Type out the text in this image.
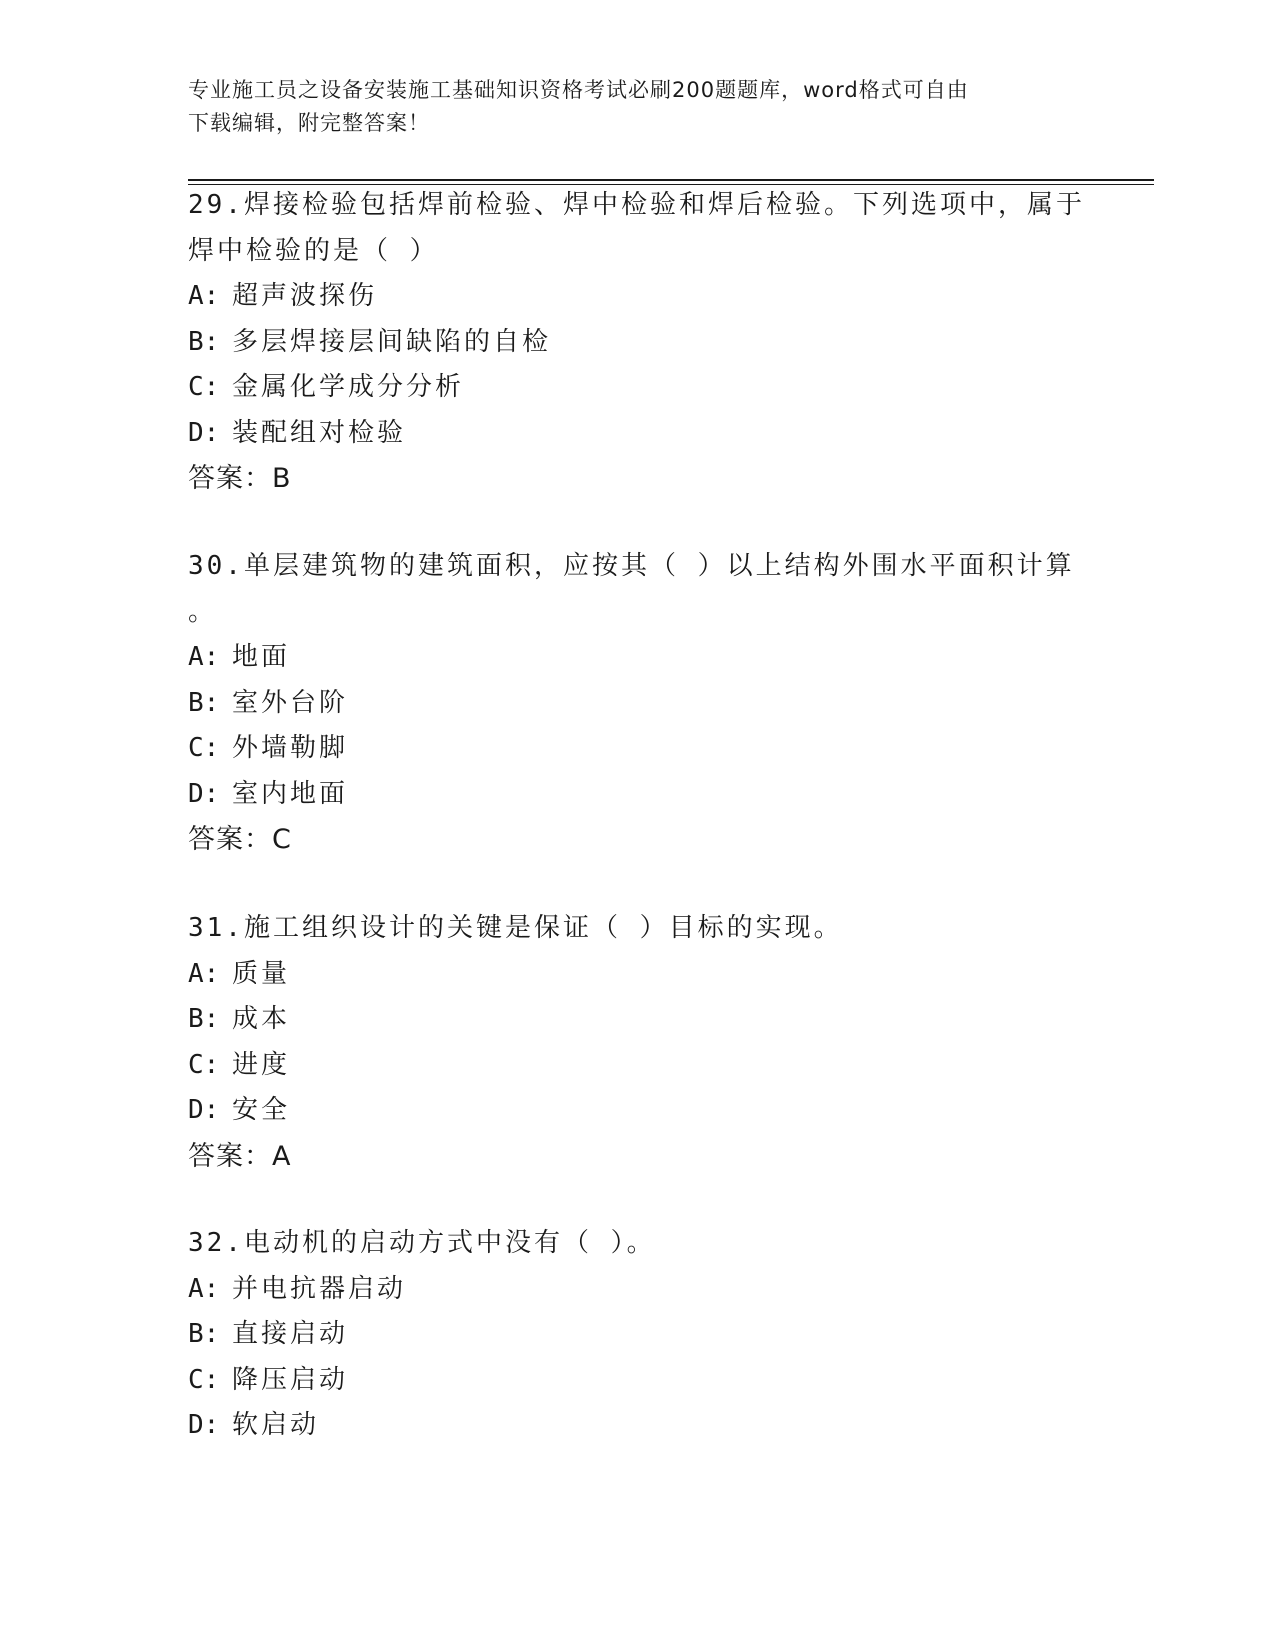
专业施工员之设备安装施工基础知识资格考试必刷200题题库，word格式可自由
下载编辑，附完整答案！
29.焊接检验包括焊前检验、焊中检验和焊后检验。下列选项中，属于
焊中检验的是（ ）
A: 超声波探伤
B: 多层焊接层间缺陷的自检
C: 金属化学成分分析
D: 装配组对检验
答案：B
30.单层建筑物的建筑面积，应按其（ ）以上结构外围水平面积计算
。
A: 地面
B: 室外台阶
C: 外墙勒脚
D: 室内地面
答案：C
31.施工组织设计的关键是保证（ ）目标的实现。
A: 质量
B: 成本
C: 进度
D: 安全
答案：A
32.电动机的启动方式中没有（ ）。
A: 并电抗器启动
B: 直接启动
C: 降压启动
D: 软启动
